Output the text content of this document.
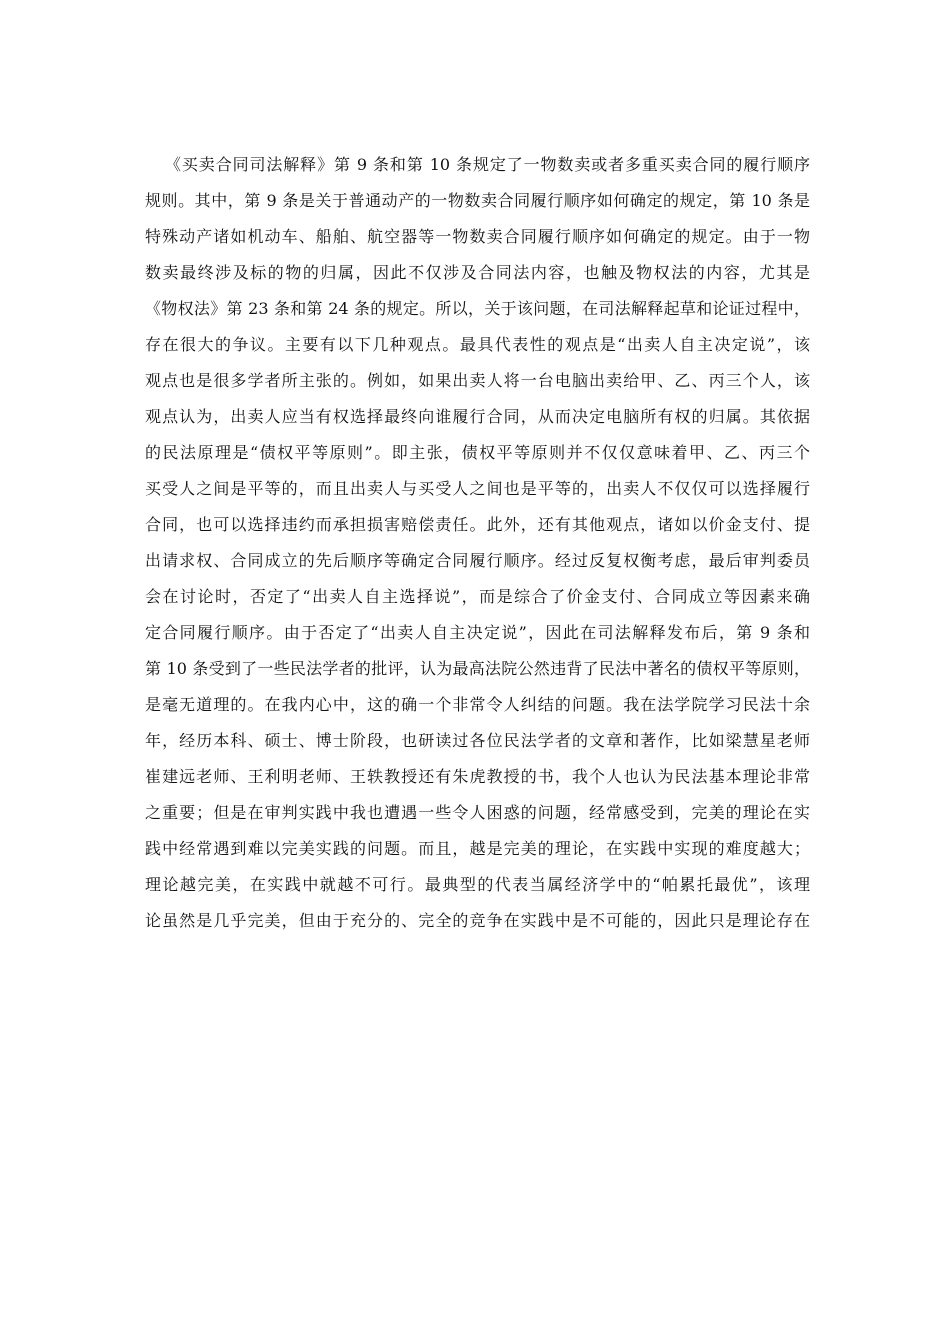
《买卖合同司法解释》第 9 条和第 10 条规定了一物数卖或者多重买卖合同的履行顺序
规则。其中，第 9 条是关于普通动产的一物数卖合同履行顺序如何确定的规定，第 10 条是
特殊动产诸如机动车、船舶、航空器等一物数卖合同履行顺序如何确定的规定。由于一物
数卖最终涉及标的物的归属，因此不仅涉及合同法内容，也触及物权法的内容，尤其是
《物权法》第 23 条和第 24 条的规定。所以，关于该问题，在司法解释起草和论证过程中，
存在很大的争议。主要有以下几种观点。最具代表性的观点是“出卖人自主决定说”，该
观点也是很多学者所主张的。例如，如果出卖人将一台电脑出卖给甲、乙、丙三个人，该
观点认为，出卖人应当有权选择最终向谁履行合同，从而决定电脑所有权的归属。其依据
的民法原理是“债权平等原则”。即主张，债权平等原则并不仅仅意味着甲、乙、丙三个
买受人之间是平等的，而且出卖人与买受人之间也是平等的，出卖人不仅仅可以选择履行
合同，也可以选择违约而承担损害赔偿责任。此外，还有其他观点，诸如以价金支付、提
出请求权、合同成立的先后顺序等确定合同履行顺序。经过反复权衡考虑，最后审判委员
会在讨论时，否定了“出卖人自主选择说”，而是综合了价金支付、合同成立等因素来确
定合同履行顺序。由于否定了“出卖人自主决定说”，因此在司法解释发布后，第 9 条和
第 10 条受到了一些民法学者的批评，认为最高法院公然违背了民法中著名的债权平等原则，
是毫无道理的。在我内心中，这的确一个非常令人纠结的问题。我在法学院学习民法十余
年，经历本科、硕士、博士阶段，也研读过各位民法学者的文章和著作，比如梁慧星老师
崔建远老师、王利明老师、王轶教授还有朱虎教授的书，我个人也认为民法基本理论非常
之重要；但是在审判实践中我也遭遇一些令人困惑的问题，经常感受到，完美的理论在实
践中经常遇到难以完美实践的问题。而且，越是完美的理论，在实践中实现的难度越大；
理论越完美，在实践中就越不可行。最典型的代表当属经济学中的“帕累托最优”，该理
论虽然是几乎完美，但由于充分的、完全的竞争在实践中是不可能的，因此只是理论存在
